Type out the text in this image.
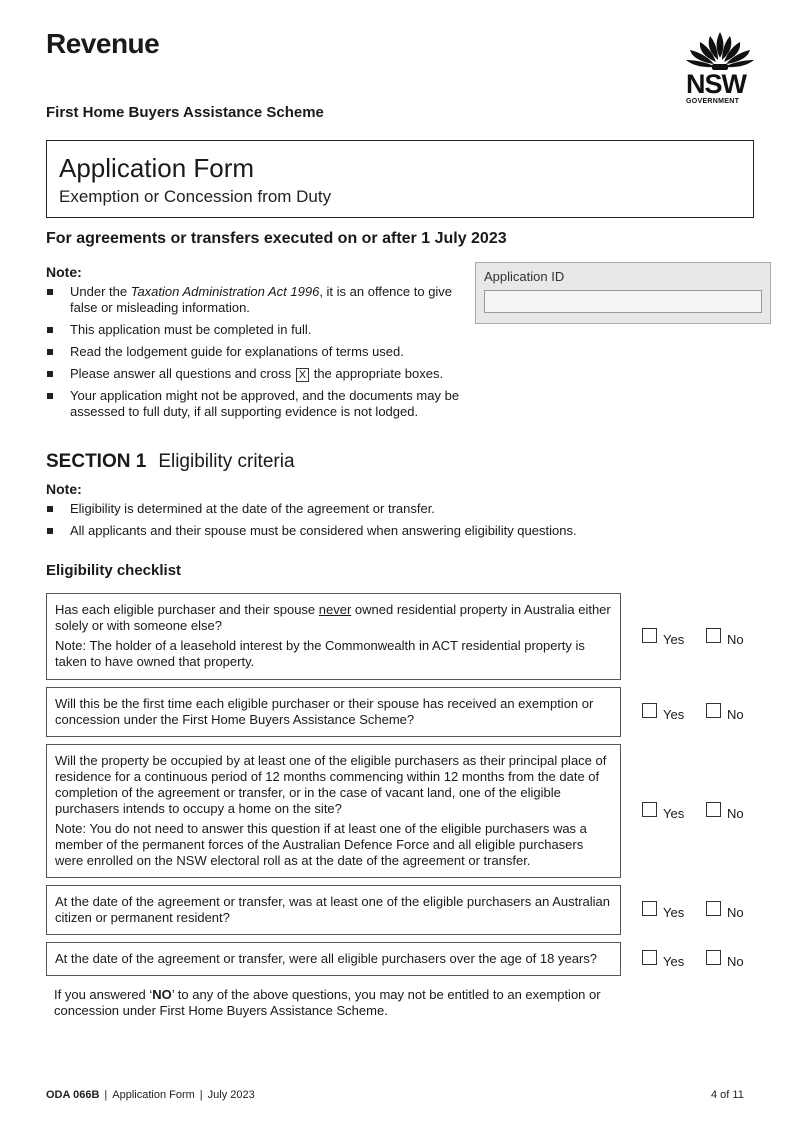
Revenue
First Home Buyers Assistance Scheme
NSW
GOVERNMENT
Application Form
Exemption or Concession from Duty
For agreements or transfers executed on or after 1 July 2023
Note:
Under the Taxation Administration Act 1996, it is an offence to give false or misleading information.
This application must be completed in full.
Read the lodgement guide for explanations of terms used.
Please answer all questions and cross X the appropriate boxes.
Your application might not be approved, and the documents may be assessed to full duty, if all supporting evidence is not lodged.
Application ID
SECTION 1 Eligibility criteria
Note:
Eligibility is determined at the date of the agreement or transfer.
All applicants and their spouse must be considered when answering eligibility questions.
Eligibility checklist
Has each eligible purchaser and their spouse never owned residential property in Australia either solely or with someone else?
Note: The holder of a leasehold interest by the Commonwealth in ACT residential property is taken to have owned that property.
Yes	No
Will this be the first time each eligible purchaser or their spouse has received an exemption or concession under the First Home Buyers Assistance Scheme?	Yes	No
Will the property be occupied by at least one of the eligible purchasers as their principal place of residence for a continuous period of 12 months commencing within 12 months from the date of completion of the agreement or transfer, or in the case of vacant land, one of the eligible purchasers intends to occupy a home on the site?
Note: You do not need to answer this question if at least one of the eligible purchasers was a member of the permanent forces of the Australian Defence Force and all eligible purchasers were enrolled on the NSW electoral roll as at the date of the agreement or transfer.
Yes	No
At the date of the agreement or transfer, was at least one of the eligible purchasers an Australian citizen or permanent resident?	Yes	No
At the date of the agreement or transfer, were all eligible purchasers over the age of 18 years?	Yes	No
If you answered ‘NO’ to any of the above questions, you may not be entitled to an exemption or concession under First Home Buyers Assistance Scheme.
ODA 066B | Application Form | July 2023	4 of 11
